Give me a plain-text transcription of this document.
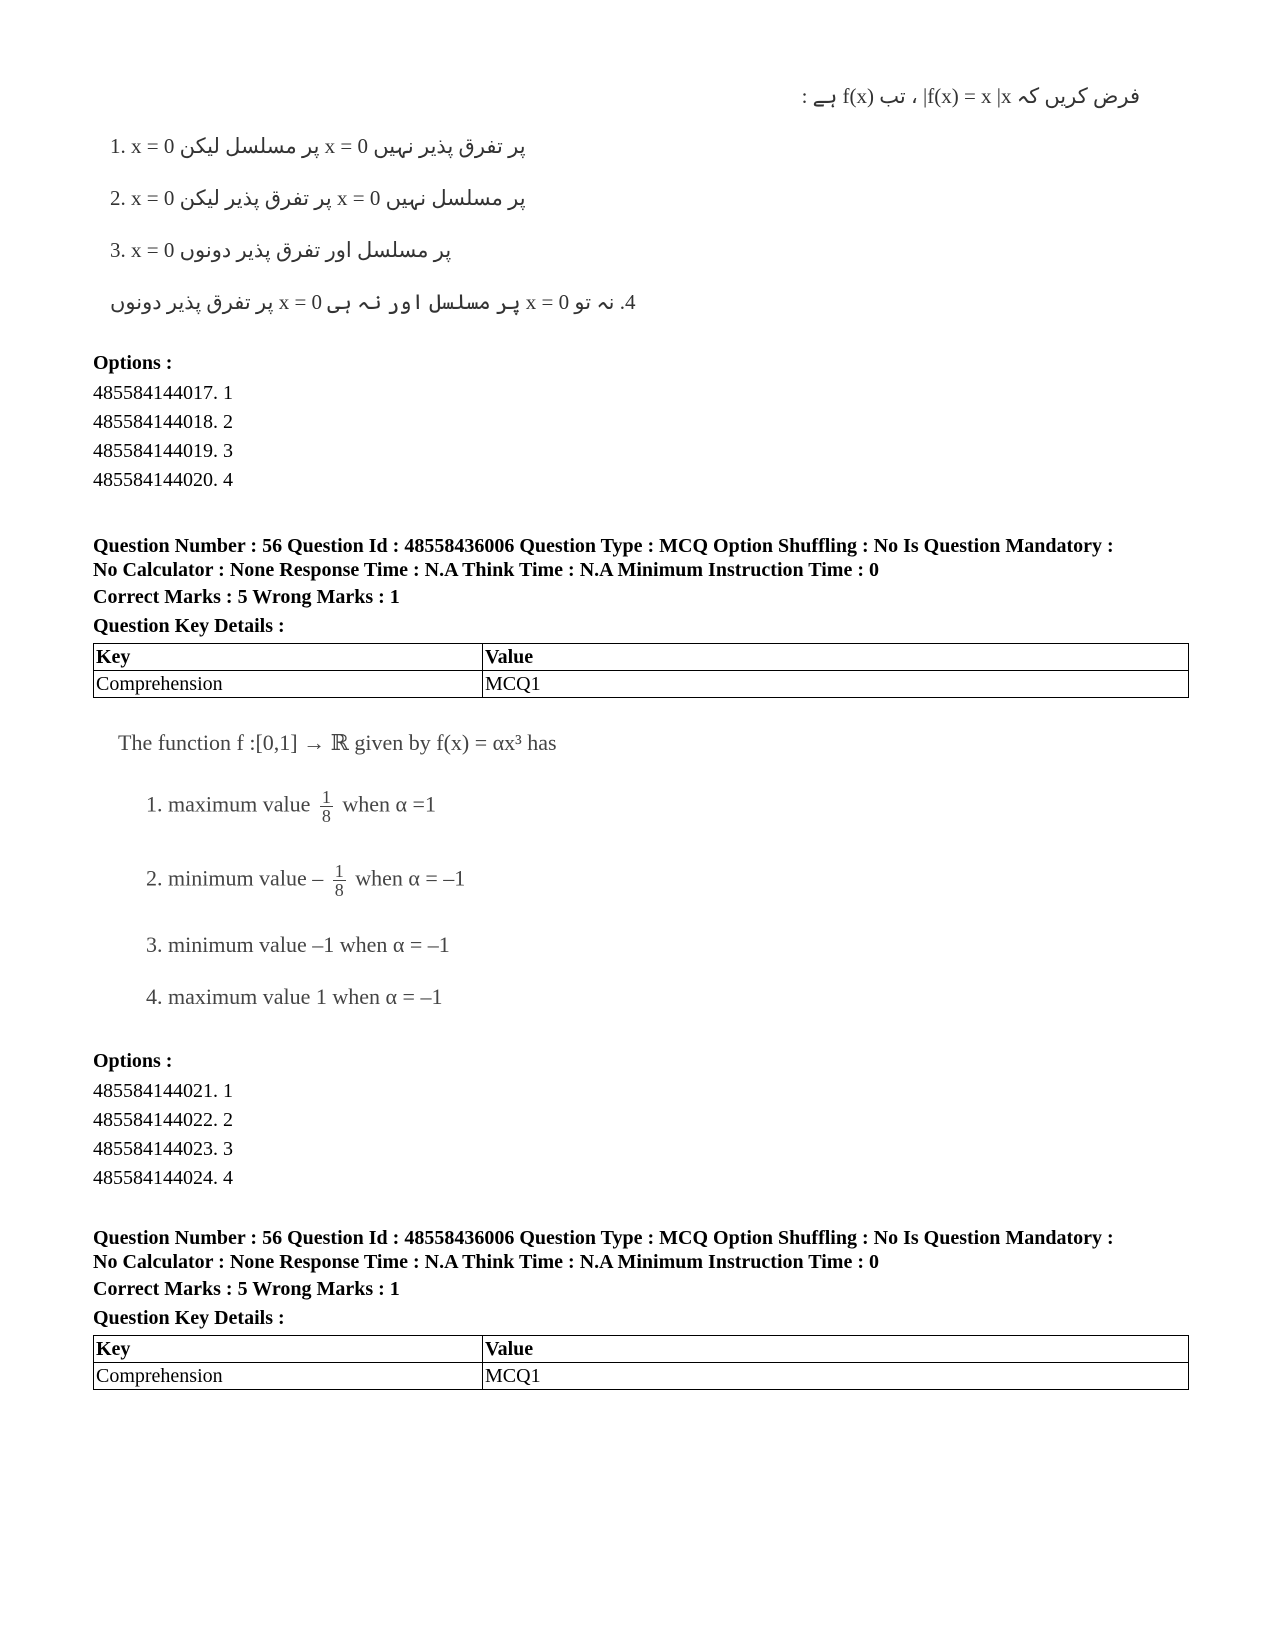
فرض کریں کہ f(x) = x |x| ، تب f(x) ہے :
1. x = 0 پر مسلسل لیکن x = 0 پر تفرق پذیر نہیں
2. x = 0 پر تفرق پذیر لیکن x = 0 پر مسلسل نہیں
3. x = 0 پر مسلسل اور تفرق پذیر دونوں
4. نہ تو x = 0 پر مسلسل اور نہ ہی x = 0 پر تفرق پذیر دونوں
Options :
485584144017. 1
485584144018. 2
485584144019. 3
485584144020. 4
Question Number : 56 Question Id : 48558436006 Question Type : MCQ Option Shuffling : No Is Question Mandatory :
No Calculator : None Response Time : N.A Think Time : N.A Minimum Instruction Time : 0
Correct Marks : 5 Wrong Marks : 1
Question Key Details :
Key	Value
Comprehension	MCQ1
The function f :[0,1] → ℝ given by f(x) = αx³ has
1. maximum value $\frac{1}{8}$ when α =1
2. minimum value – $\frac{1}{8}$ when α = –1
3. minimum value –1 when α = –1
4. maximum value 1 when α = –1
Options :
485584144021. 1
485584144022. 2
485584144023. 3
485584144024. 4
Question Number : 56 Question Id : 48558436006 Question Type : MCQ Option Shuffling : No Is Question Mandatory :
No Calculator : None Response Time : N.A Think Time : N.A Minimum Instruction Time : 0
Correct Marks : 5 Wrong Marks : 1
Question Key Details :
Key	Value
Comprehension	MCQ1
